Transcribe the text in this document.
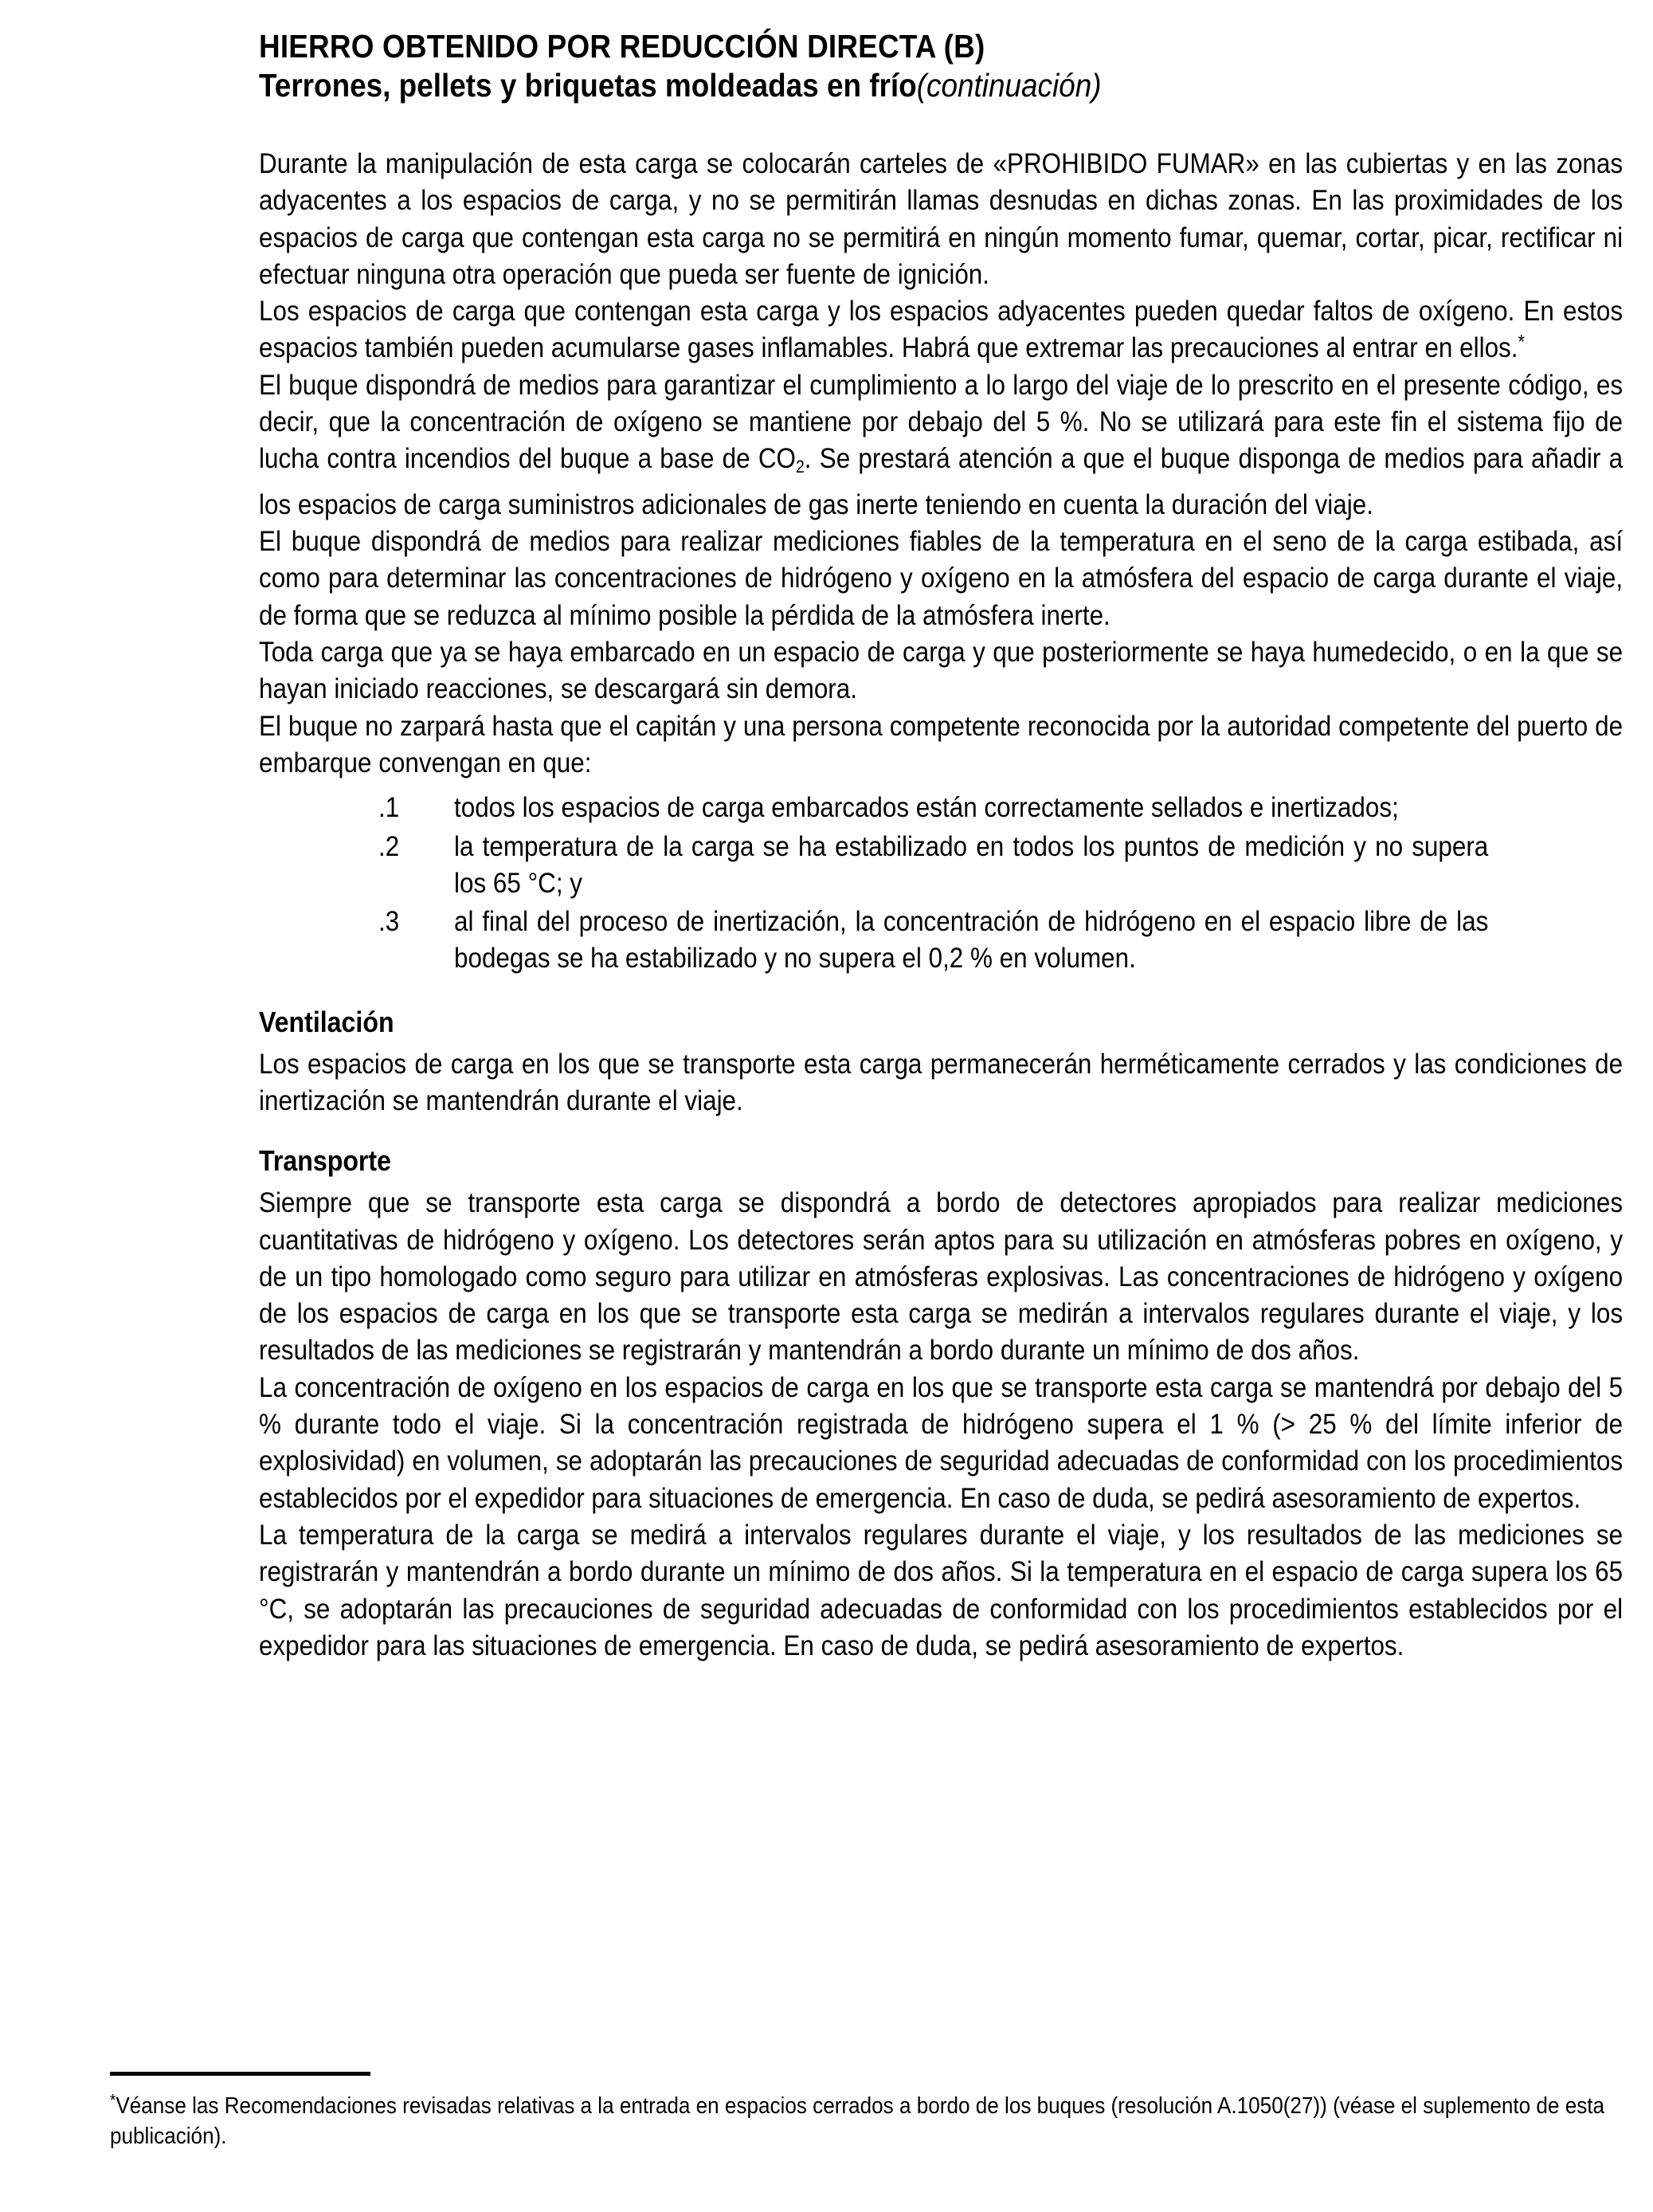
HIERRO OBTENIDO POR REDUCCIÓN DIRECTA (B)
Terrones, pellets y briquetas moldeadas en frío(continuación)

Durante la manipulación de esta carga se colocarán carteles de «PROHIBIDO FUMAR» en las cubiertas y en las zonas adyacentes a los espacios de carga, y no se permitirán llamas desnudas en dichas zonas. En las proximidades de los espacios de carga que contengan esta carga no se permitirá en ningún momento fumar, quemar, cortar, picar, rectificar ni efectuar ninguna otra operación que pueda ser fuente de ignición.

Los espacios de carga que contengan esta carga y los espacios adyacentes pueden quedar faltos de oxígeno. En estos espacios también pueden acumularse gases inflamables. Habrá que extremar las precauciones al entrar en ellos.*

El buque dispondrá de medios para garantizar el cumplimiento a lo largo del viaje de lo prescrito en el presente código, es decir, que la concentración de oxígeno se mantiene por debajo del 5 %. No se utilizará para este fin el sistema fijo de lucha contra incendios del buque a base de $CO_2$. Se prestará atención a que el buque disponga de medios para añadir a los espacios de carga suministros adicionales de gas inerte teniendo en cuenta la duración del viaje.

El buque dispondrá de medios para realizar mediciones fiables de la temperatura en el seno de la carga estibada, así como para determinar las concentraciones de hidrógeno y oxígeno en la atmósfera del espacio de carga durante el viaje, de forma que se reduzca al mínimo posible la pérdida de la atmósfera inerte.

Toda carga que ya se haya embarcado en un espacio de carga y que posteriormente se haya humedecido, o en la que se hayan iniciado reacciones, se descargará sin demora.

El buque no zarpará hasta que el capitán y una persona competente reconocida por la autoridad competente del puerto de embarque convengan en que:

.1	todos los espacios de carga embarcados están correctamente sellados e inertizados;
.2	la temperatura de la carga se ha estabilizado en todos los puntos de medición y no supera los 65 °C; y
.3	al final del proceso de inertización, la concentración de hidrógeno en el espacio libre de las bodegas se ha estabilizado y no supera el 0,2 % en volumen.
Ventilación

Los espacios de carga en los que se transporte esta carga permanecerán herméticamente cerrados y las condiciones de inertización se mantendrán durante el viaje.

Transporte

Siempre que se transporte esta carga se dispondrá a bordo de detectores apropiados para realizar mediciones cuantitativas de hidrógeno y oxígeno. Los detectores serán aptos para su utilización en atmósferas pobres en oxígeno, y de un tipo homologado como seguro para utilizar en atmósferas explosivas. Las concentraciones de hidrógeno y oxígeno de los espacios de carga en los que se transporte esta carga se medirán a intervalos regulares durante el viaje, y los resultados de las mediciones se registrarán y mantendrán a bordo durante un mínimo de dos años.

La concentración de oxígeno en los espacios de carga en los que se transporte esta carga se mantendrá por debajo del 5 % durante todo el viaje. Si la concentración registrada de hidrógeno supera el 1 % (> 25 % del límite inferior de explosividad) en volumen, se adoptarán las precauciones de seguridad adecuadas de conformidad con los procedimientos establecidos por el expedidor para situaciones de emergencia. En caso de duda, se pedirá asesoramiento de expertos.

La temperatura de la carga se medirá a intervalos regulares durante el viaje, y los resultados de las mediciones se registrarán y mantendrán a bordo durante un mínimo de dos años. Si la temperatura en el espacio de carga supera los 65 °C, se adoptarán las precauciones de seguridad adecuadas de conformidad con los procedimientos establecidos por el expedidor para las situaciones de emergencia. En caso de duda, se pedirá asesoramiento de expertos.

*Véanse las Recomendaciones revisadas relativas a la entrada en espacios cerrados a bordo de los buques (resolución A.1050(27)) (véase el suplemento de esta publicación).
